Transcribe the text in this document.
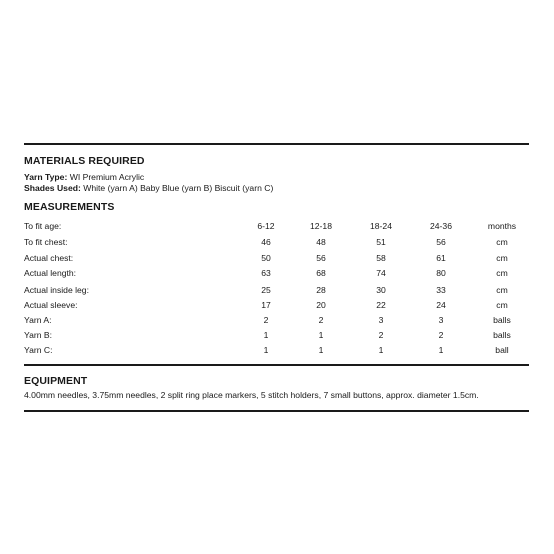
MATERIALS REQUIRED
Yarn Type: WI Premium Acrylic
Shades Used: White (yarn A) Baby Blue (yarn B) Biscuit (yarn C)
MEASUREMENTS
To fit age:	6-12	12-18	18-24	24-36	months
To fit chest:	46	48	51	56	cm
Actual chest:	50	56	58	61	cm
Actual length:	63	68	74	80	cm
Actual inside leg:	25	28	30	33	cm
Actual sleeve:	17	20	22	24	cm
Yarn A:	2	2	3	3	balls
Yarn B:	1	1	2	2	balls
Yarn C:	1	1	1	1	ball
EQUIPMENT
4.00mm needles, 3.75mm needles, 2 split ring place markers, 5 stitch holders, 7 small buttons, approx. diameter 1.5cm.
